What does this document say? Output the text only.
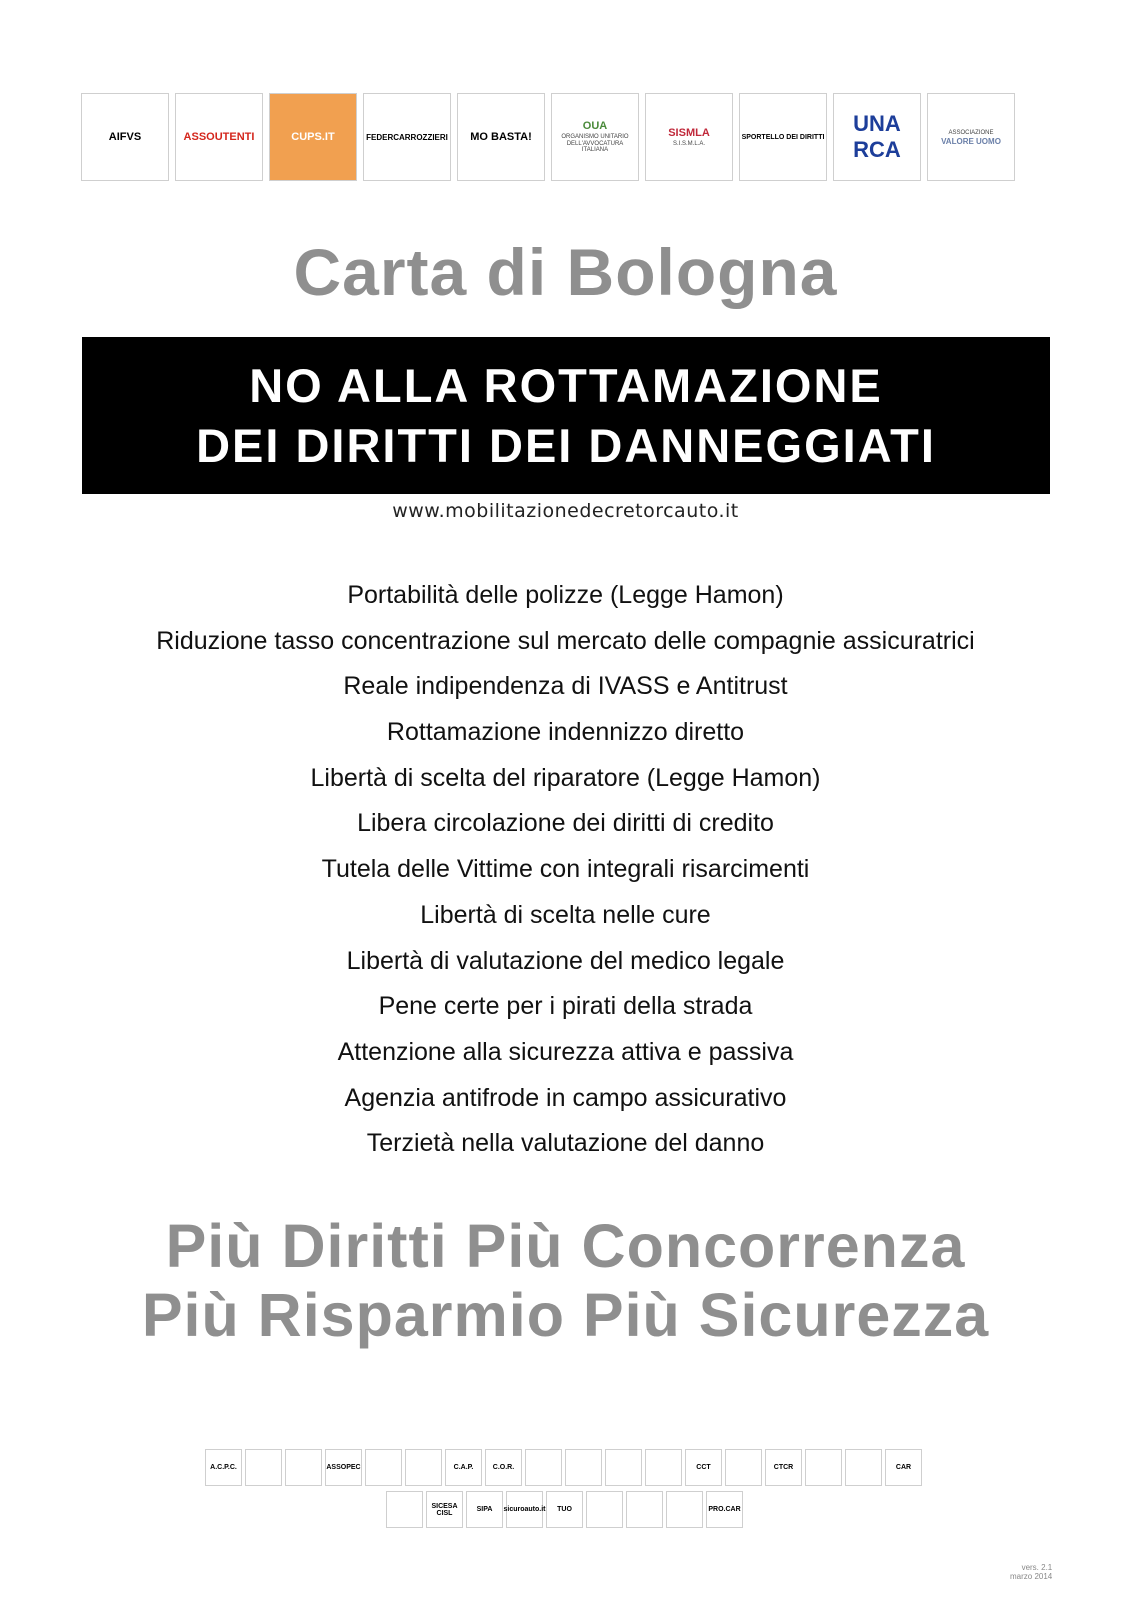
AIFVS	ASSOUTENTI	CUPS.IT	FEDERCARROZZIERI MO BASTA!
OUA
ORGANISMO UNITARIO DELL'AVVOCATURA ITALIANA
SISMLA
S.I.S.M.L.A.
SPORTELLO DEI DIRITTI
UNA RCA
ASSOCIAZIONE
VALORE UOMO
Carta di Bologna
NO ALLA ROTTAMAZIONE
DEI DIRITTI DEI DANNEGGIATI
www.mobilitazionedecretorcauto.it
Portabilità delle polizze (Legge Hamon)
Riduzione tasso concentrazione sul mercato delle compagnie assicuratrici
Reale indipendenza di IVASS e Antitrust
Rottamazione indennizzo diretto
Libertà di scelta del riparatore (Legge Hamon)
Libera circolazione dei diritti di credito
Tutela delle Vittime con integrali risarcimenti
Libertà di scelta nelle cure
Libertà di valutazione del medico legale
Pene certe per i pirati della strada
Attenzione alla sicurezza attiva e passiva
Agenzia antifrode in campo assicurativo
Terzietà nella valutazione del danno
Più Diritti Più Concorrenza
Più Risparmio Più Sicurezza
A.C.P.C.	ASSOPEC	C.A.P.	C.O.R.	CCT	CTCR	CAR
SICESA CISL	SIPA	sicuroauto.it	TUO	PRO.CAR
vers. 2.1
marzo 2014
